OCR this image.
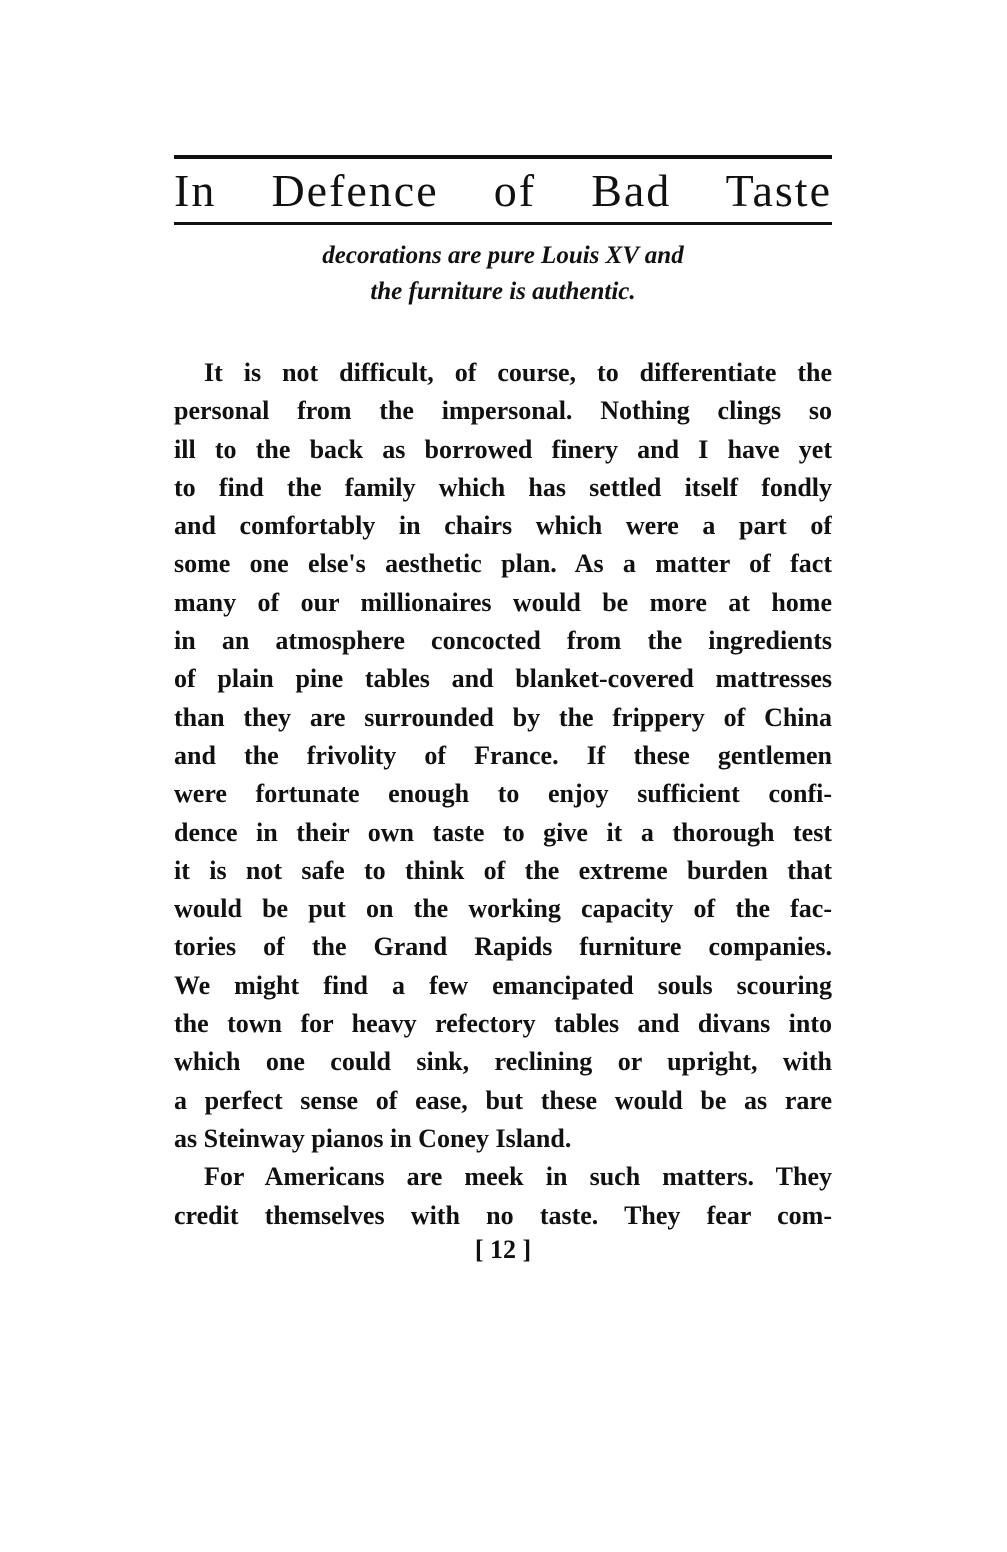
In Defence of Bad Taste
decorations are pure Louis XV and
the furniture is authentic.
It is not difficult, of course, to differentiate the
personal from the impersonal. Nothing clings so
ill to the back as borrowed finery and I have yet
to find the family which has settled itself fondly
and comfortably in chairs which were a part of
some one else's aesthetic plan. As a matter of fact
many of our millionaires would be more at home
in an atmosphere concocted from the ingredients
of plain pine tables and blanket-covered mattresses
than they are surrounded by the frippery of China
and the frivolity of France. If these gentlemen
were fortunate enough to enjoy sufficient confi-
dence in their own taste to give it a thorough test
it is not safe to think of the extreme burden that
would be put on the working capacity of the fac-
tories of the Grand Rapids furniture companies.
We might find a few emancipated souls scouring
the town for heavy refectory tables and divans into
which one could sink, reclining or upright, with
a perfect sense of ease, but these would be as rare
as Steinway pianos in Coney Island.
For Americans are meek in such matters. They
credit themselves with no taste. They fear com-
[ 12 ]
